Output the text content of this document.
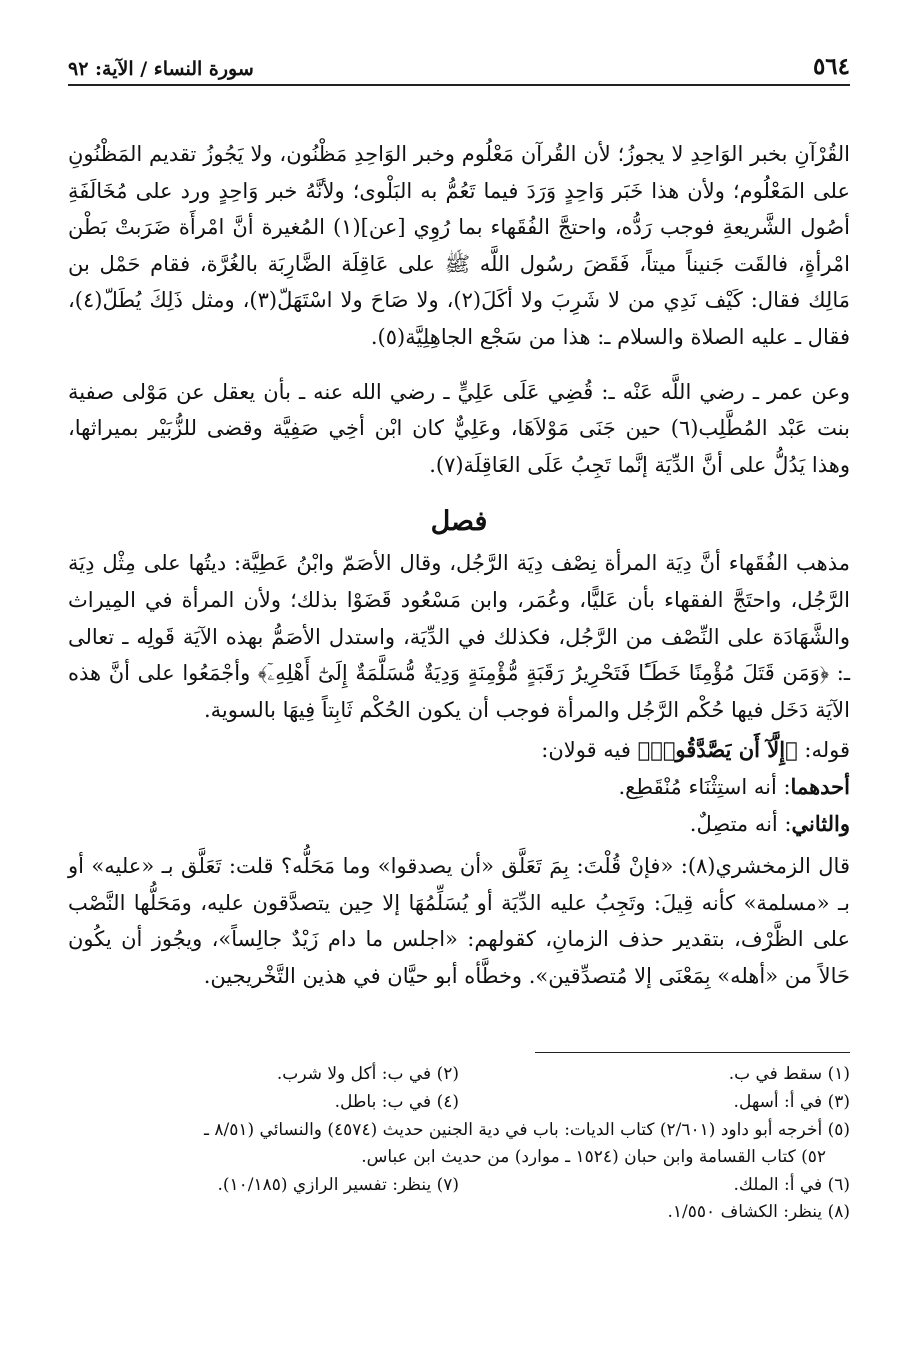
٥٦٤
سورة النساء / الآية: ٩٢

القُرْآنِ بخبر الوَاحِدِ لا يجوزُ؛ لأن القُرآن مَعْلُوم وخبر الوَاحِدِ مَظْنُون، ولا يَجُوزُ تقديم المَظْنُونِ على المَعْلُوم؛ ولأن هذا خَبَر وَاحِدٍ وَرَدَ فيما تَعُمُّ به البَلْوى؛ ولأنَّهُ خبر وَاحِدٍ ورد على مُخَالَفَةِ أصُول الشَّريعةِ فوجب رَدُّه، واحتجَّ الفُقَهاء بما رُوِي [عن](١) المُغيرة أنَّ امْرأَة ضَرَبتْ بَطْن امْرأةٍ، فالقَت جَنيناً ميتاً، فَقَضَ رسُول اللَّه ﷺ على عَاقِلَة الضَّارِبَة بالغُرَّة، فقام حَمْل بن مَالِك فقال: كَيْف نَدِي من لا شَرِبَ ولا أكَلَ(٢)، ولا صَاحَ ولا اسْتَهَلّ(٣)، ومثل ذَلِكَ يُطَلّ(٤)، فقال ـ عليه الصلاة والسلام ـ: هذا من سَجْع الجاهِلِيَّة(٥).

وعن عمر ـ رضي اللَّه عَنْه ـ: قُضِي عَلَى عَلِيٍّ ـ رضي الله عنه ـ بأن يعقل عن مَوْلى صفية بنت عَبْد المُطَّلِب(٦) حين جَنَى مَوْلاَهَا، وعَلِيٌّ كان ابْن أخِي صَفِيَّة وقضى للزُّبَيْر بميراثها، وهذا يَدُلُّ على أنَّ الدِّيَة إنَّما تَجِبُ عَلَى العَاقِلَة(٧).

فصل

مذهب الفُقَهاء أنَّ دِيَة المرأة نِصْف دِيَة الرَّجُل، وقال الأصَمّ وابْنُ عَطِيَّة: ديتُها على مِثْل دِيَة الرَّجُل، واحتَجَّ الفقهاء بأن عَليًّا، وعُمَر، وابن مَسْعُود قَضَوْا بذلك؛ ولأن المرأة في المِيراث والشَّهَادَة على النِّصْف من الرَّجُل، فكذلك في الدِّيَة، واستدل الأصَمُّ بهذه الآيَة قَولِه ـ تعالى ـ: ﴿وَمَن قَتَلَ مُؤْمِنًا خَطَـًٔا فَتَحْرِيرُ رَقَبَةٍ مُّؤْمِنَةٍ وَدِيَةٌ مُّسَلَّمَةٌ إِلَىٰٓ أَهْلِهِۦٓ﴾ وأجْمَعُوا على أنَّ هذه الآيَة دَخَل فيها حُكْم الرَّجُل والمرأة فوجب أن يكون الحُكْم ثَابِتاً فِيهَا بالسوية.

قوله: ﴿إِلَّآ أَن يَصَّدَّقُوا۟﴾ فيه قولان:

أحدهما: أنه استِثْنَاء مُنْقَطِع.

والثاني: أنه متصِلٌ.

قال الزمخشري(٨): «فإنْ قُلْتَ: بِمَ تَعَلَّق «أن يصدقوا» وما مَحَلُّه؟ قلت: تَعَلَّق بـ «عليه» أو بـ «مسلمة» كأنه قِيلَ: وتَجِبُ عليه الدِّيَة أو يُسَلِّمُهَا إلا حِين يتصدَّقون عليه، ومَحَلُّها النَّصْب على الظَّرْف، بتقدير حذف الزمانِ، كقولهم: «اجلس ما دام زَيْدٌ جالِساً»، ويجُوز أن يكُون حَالاً من «أهله» بِمَعْنَى إلا مُتصدِّقين». وخطَّأه أبو حيَّان في هذين التَّخْريجين.

(١) سقط في ب.
(٢) في ب: أكل ولا شرب.
(٣) في أ: أسهل.
(٤) في ب: باطل.
(٥) أخرجه أبو داود (٢/٦٠١) كتاب الديات: باب في دية الجنين حديث (٤٥٧٤) والنسائي (٨/٥١ ـ
٥٢) كتاب القسامة وابن حبان (١٥٢٤ ـ موارد) من حديث ابن عباس.
(٦) في أ: الملك.
(٧) ينظر: تفسير الرازي (١٠/١٨٥).
(٨) ينظر: الكشاف ١/٥٥٠.
